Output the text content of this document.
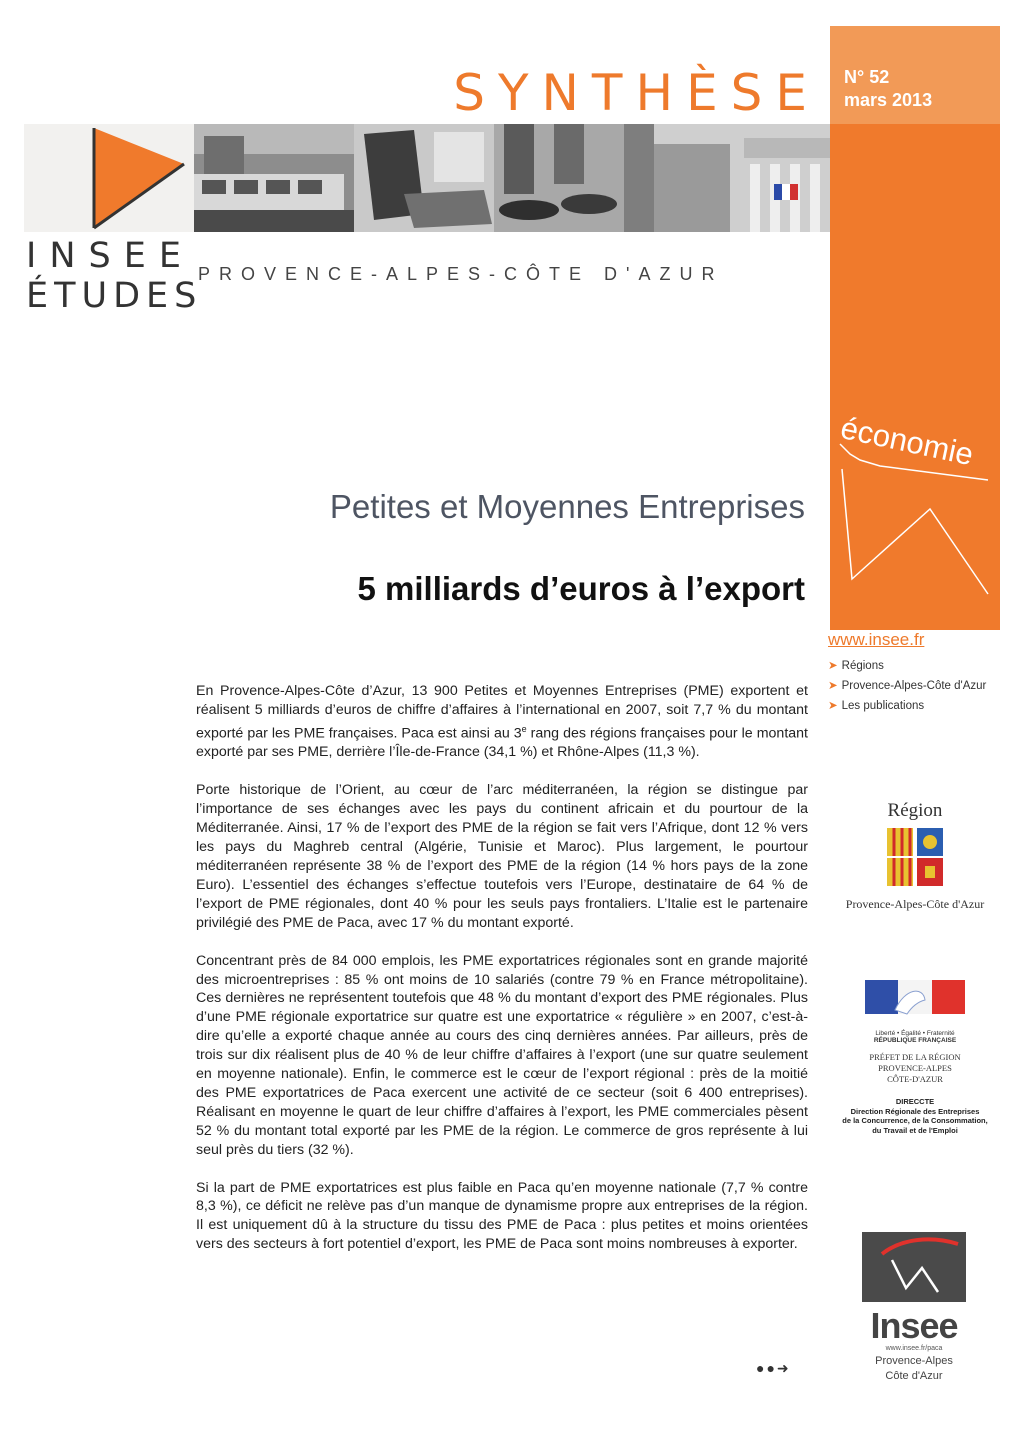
SYNTHÈSE	N° 52
mars 2013
INSEE
ÉTUDES
PROVENCE-ALPES-CÔTE D'AZUR
économie
Petites et Moyennes Entreprises
5 milliards d’euros à l’export
www.insee.fr
➤ Régions
➤ Provence-Alpes-Côte d'Azur
➤ Les publications

En Provence-Alpes-Côte d’Azur, 13 900 Petites et Moyennes Entreprises (PME) exportent et réalisent 5 milliards d’euros de chiffre d’affaires à l’international en 2007, soit 7,7 % du montant exporté par les PME françaises. Paca est ainsi au 3e rang des régions françaises pour le montant exporté par ses PME, derrière l’Île-de-France (34,1 %) et Rhône-Alpes (11,3 %).

Porte historique de l’Orient, au cœur de l’arc méditerranéen, la région se distingue par l’importance de ses échanges avec les pays du continent africain et du pourtour de la Méditerranée. Ainsi, 17 % de l’export des PME de la région se fait vers l’Afrique, dont 12 % vers les pays du Maghreb central (Algérie, Tunisie et Maroc). Plus largement, le pourtour méditerranéen représente 38 % de l’export des PME de la région (14 % hors pays de la zone Euro). L’essentiel des échanges s’effectue toutefois vers l’Europe, destinataire de 64 % de l’export de PME régionales, dont 40 % pour les seuls pays frontaliers. L’Italie est le partenaire privilégié des PME de Paca, avec 17 % du montant exporté.

Concentrant près de 84 000 emplois, les PME exportatrices régionales sont en grande majorité des microentreprises : 85 % ont moins de 10 salariés (contre 79 % en France métropolitaine). Ces dernières ne représentent toutefois que 48 % du montant d’export des PME régionales. Plus d’une PME régionale exportatrice sur quatre est une exportatrice « régulière » en 2007, c’est-à-dire qu’elle a exporté chaque année au cours des cinq dernières années. Par ailleurs, près de trois sur dix réalisent plus de 40 % de leur chiffre d’affaires à l’export (une sur quatre seulement en moyenne nationale). Enfin, le commerce est le cœur de l’export régional : près de la moitié des PME exportatrices de Paca exercent une activité de ce secteur (soit 6 400 entreprises). Réalisant en moyenne le quart de leur chiffre d’affaires à l’export, les PME commerciales pèsent 52 % du montant total exporté par les PME de la région. Le commerce de gros représente à lui seul près du tiers (32 %).

Si la part de PME exportatrices est plus faible en Paca qu’en moyenne nationale (7,7 % contre 8,3 %), ce déficit ne relève pas d’un manque de dynamisme propre aux entreprises de la région. Il est uniquement dû à la structure du tissu des PME de Paca : plus petites et moins orientées vers des secteurs à fort potentiel d’export, les PME de Paca sont moins nombreuses à exporter.

Région
Provence-Alpes-Côte d'Azur
Liberté • Égalité • Fraternité
RÉPUBLIQUE FRANÇAISE
PRÉFET DE LA RÉGION
PROVENCE-ALPES
CÔTE-D'AZUR
DIRECCTE
Direction Régionale des Entreprises
de la Concurrence, de la Consommation,
du Travail et de l'Emploi
Insee
www.insee.fr/paca
Provence-Alpes
Côte d'Azur
●●➜
